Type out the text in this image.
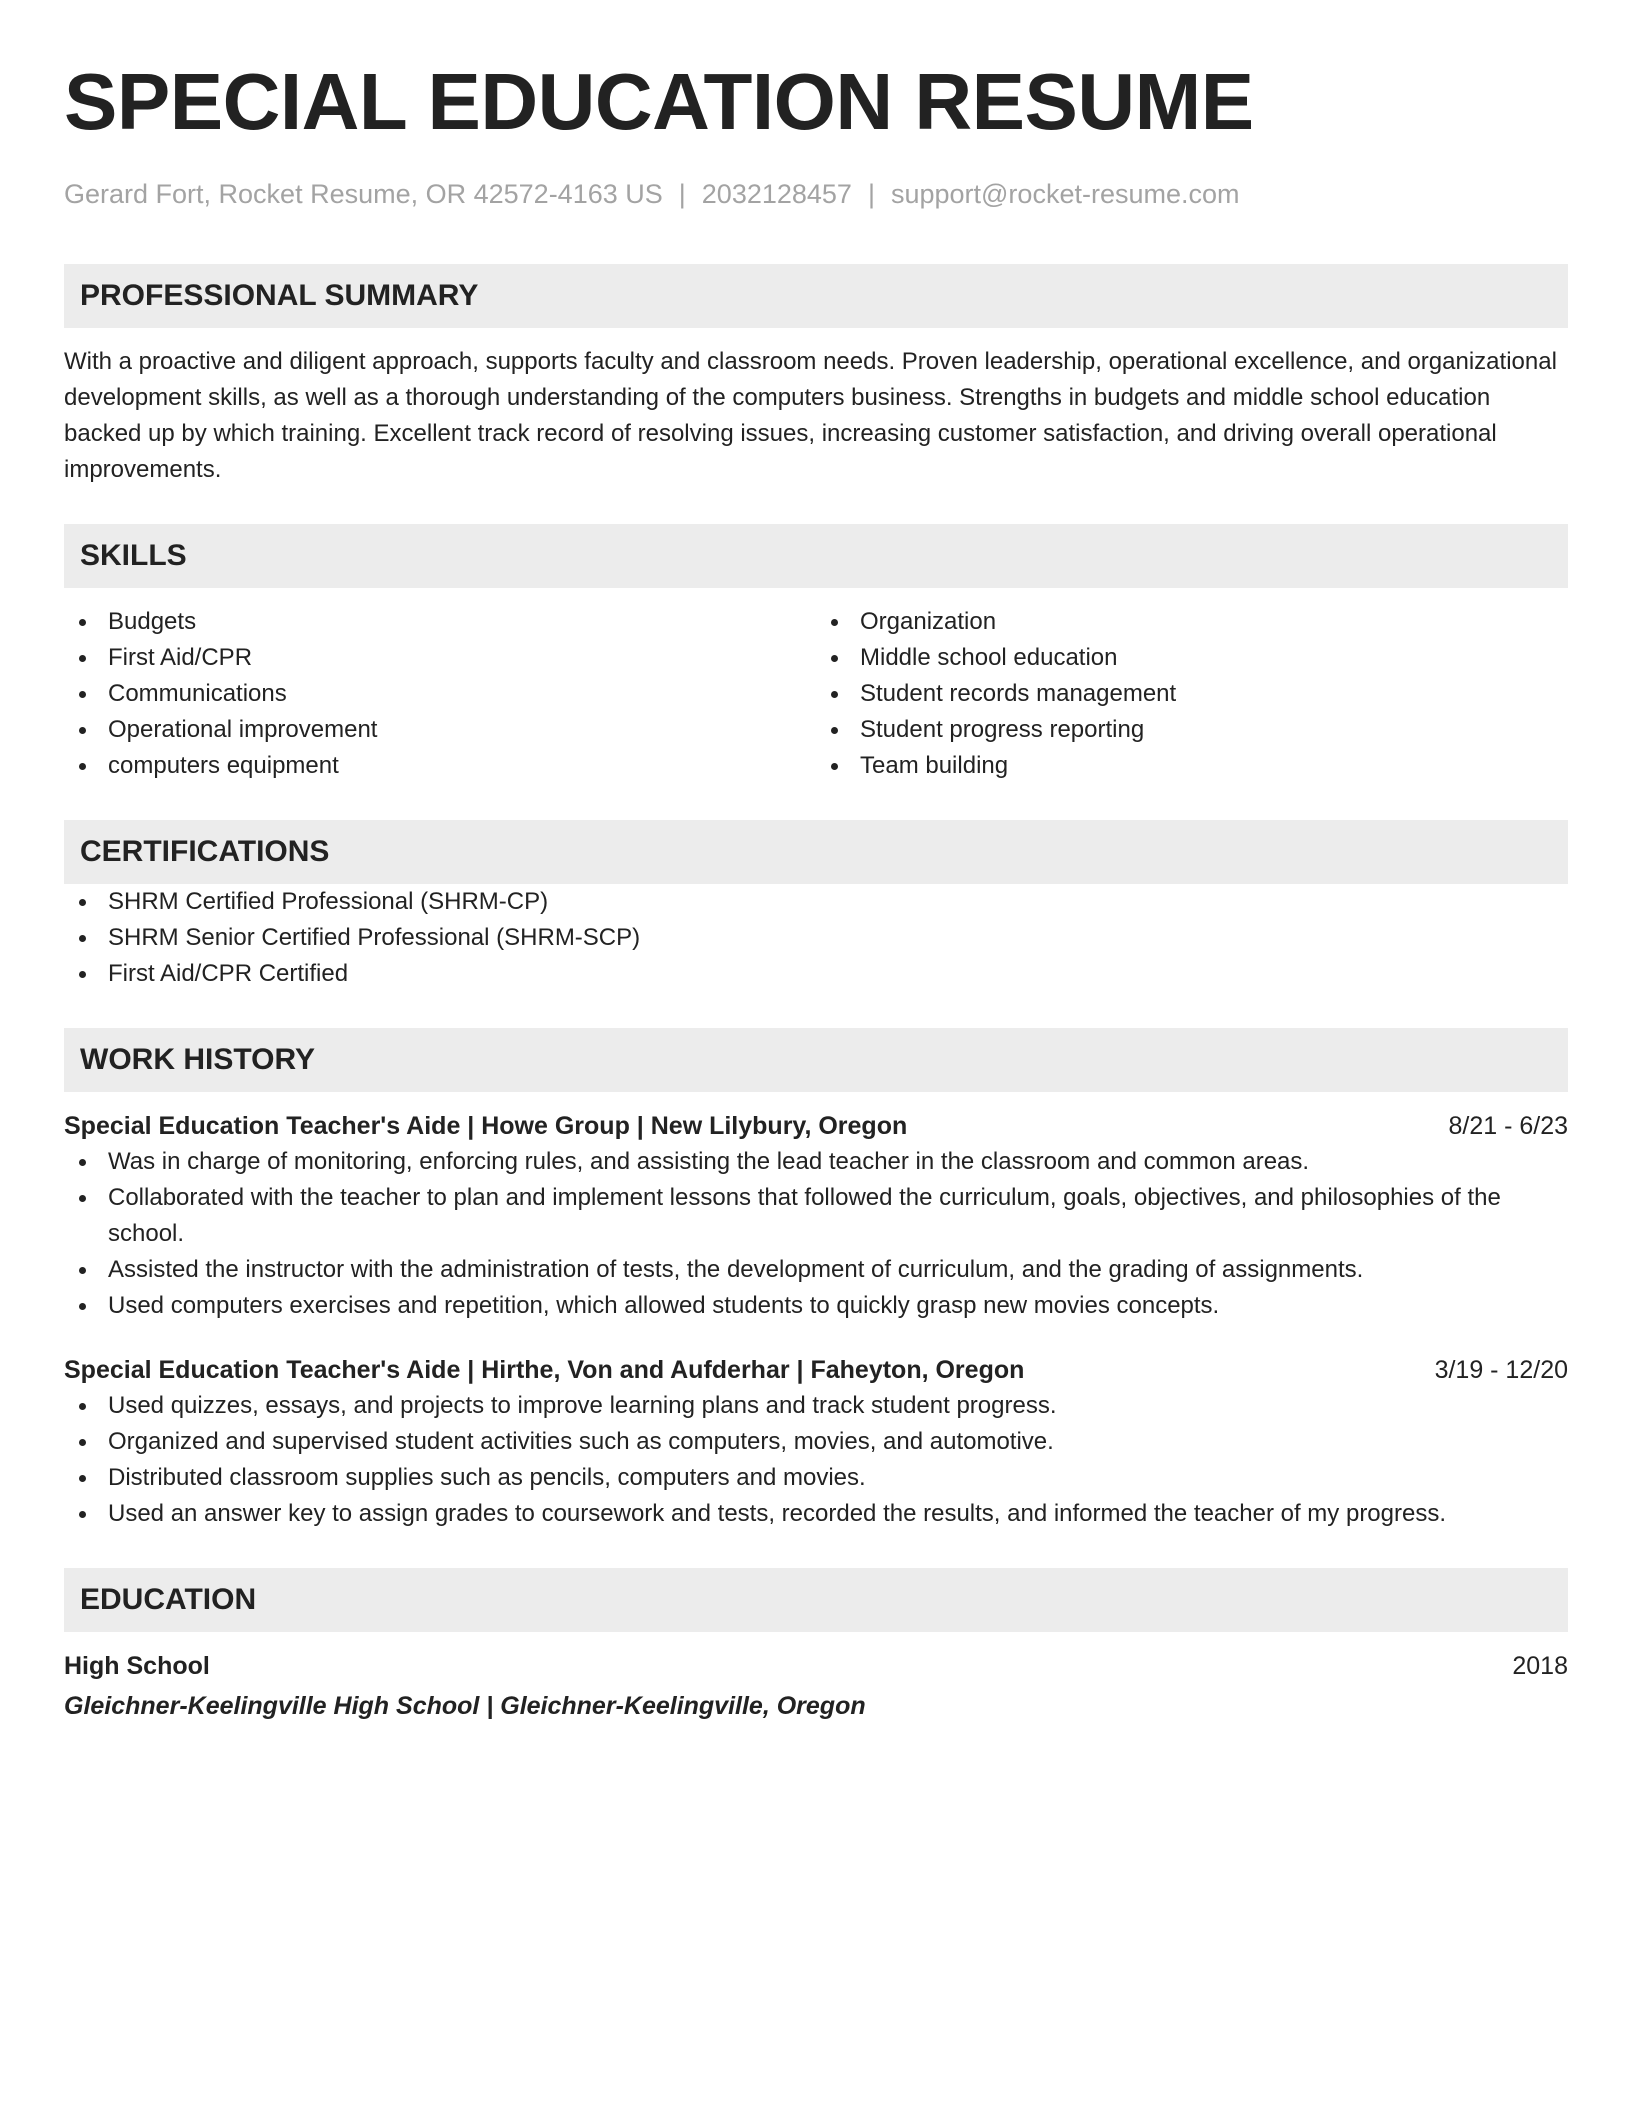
SPECIAL EDUCATION RESUME
Gerard Fort, Rocket Resume, OR 42572-4163 US | 2032128457 | support@rocket-resume.com
PROFESSIONAL SUMMARY
With a proactive and diligent approach, supports faculty and classroom needs. Proven leadership, operational excellence, and organizational development skills, as well as a thorough understanding of the computers business. Strengths in budgets and middle school education backed up by which training. Excellent track record of resolving issues, increasing customer satisfaction, and driving overall operational improvements.
SKILLS
Budgets
First Aid/CPR
Communications
Operational improvement
computers equipment
Organization
Middle school education
Student records management
Student progress reporting
Team building
CERTIFICATIONS
SHRM Certified Professional (SHRM-CP)
SHRM Senior Certified Professional (SHRM-SCP)
First Aid/CPR Certified
WORK HISTORY
Special Education Teacher's Aide | Howe Group | New Lilybury, Oregon	8/21 - 6/23
Was in charge of monitoring, enforcing rules, and assisting the lead teacher in the classroom and common areas.
Collaborated with the teacher to plan and implement lessons that followed the curriculum, goals, objectives, and philosophies of the school.
Assisted the instructor with the administration of tests, the development of curriculum, and the grading of assignments.
Used computers exercises and repetition, which allowed students to quickly grasp new movies concepts.
Special Education Teacher's Aide | Hirthe, Von and Aufderhar | Faheyton, Oregon	3/19 - 12/20
Used quizzes, essays, and projects to improve learning plans and track student progress.
Organized and supervised student activities such as computers, movies, and automotive.
Distributed classroom supplies such as pencils, computers and movies.
Used an answer key to assign grades to coursework and tests, recorded the results, and informed the teacher of my progress.
EDUCATION
High School	2018
Gleichner-Keelingville High School | Gleichner-Keelingville, Oregon
